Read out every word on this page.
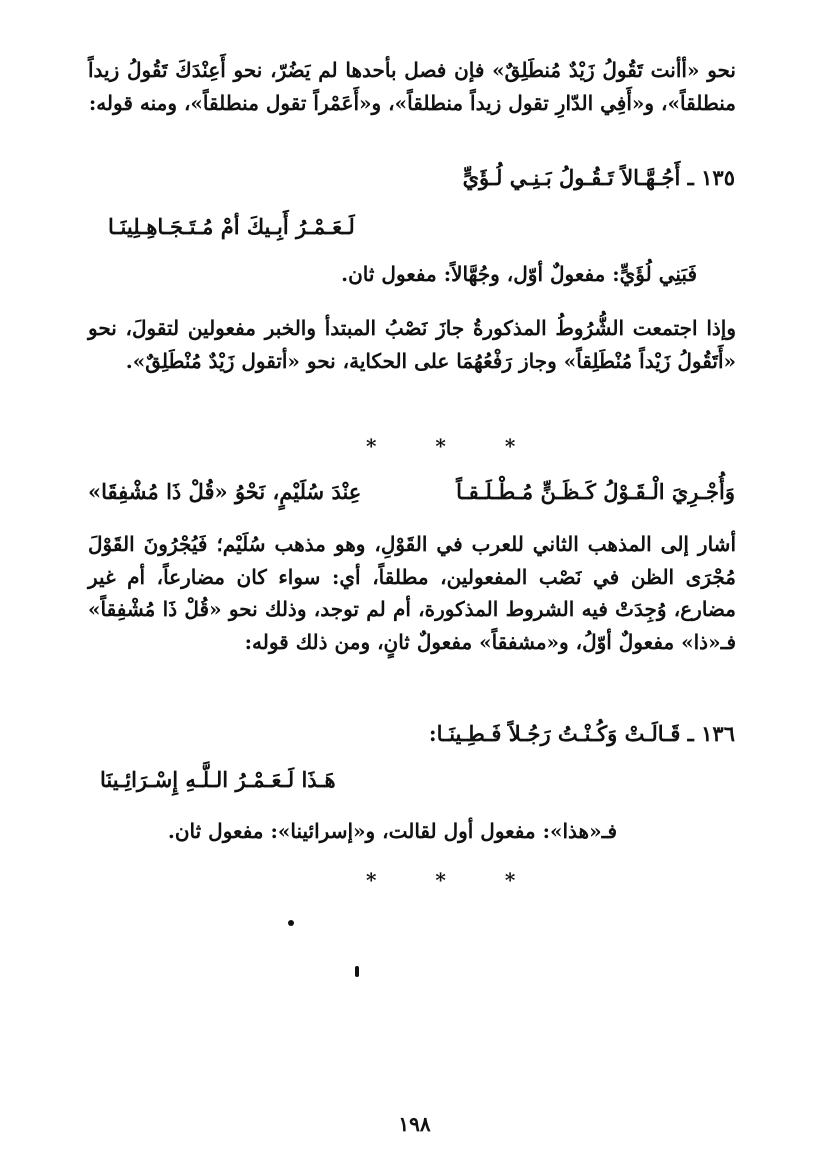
نحو «أأنت تَقُولُ زَيْدٌ مُنطَلِقٌ» فإن فصل بأحدها لم يَضُرّ، نحو أَعِنْدَكَ تَقُولُ زيداً منطلقاً»، و«أَفِي الدّارِ تقول زيداً منطلقاً»، و«أَعَمْراً تقول منطلقاً»، ومنه قوله:
١٣٥ ـ أَجُـهَّـالاً تَـقُـولُ بَـنِـي لُـؤَيٍّ
لَـعَـمْـرُ أَبِـيكَ أمْ مُـتَـجَـاهِـلِينَـا
فَبَنِي لُؤَيٍّ: مفعولٌ أوّل، وجُهَّالاً: مفعول ثان.
وإذا اجتمعت الشُّرُوطُ المذكورةُ جازَ نَصْبُ المبتدأ والخبر مفعولين لتقولَ، نحو «أَتَقُولُ زَيْداً مُنْطَلِقاً» وجاز رَفْعُهُمَا على الحكاية، نحو «أتقول زَيْدٌ مُنْطَلِقٌ».
* * *
وَأُجْـرِيَ الْـقَـوْلُ كَـظَـنٍّ مُـطْـلَـقـاً
عِنْدَ سُلَيْمٍ، نَحْوُ «قُلْ ذَا مُشْفِقَا»
أشار إلى المذهب الثاني للعرب في القَوْلِ، وهو مذهب سُلَيْم؛ فَيُجْرُونَ القَوْلَ مُجْرَى الظن في نَصْب المفعولين، مطلقاً، أي: سواء كان مضارعاً، أم غير مضارع، وُجِدَتْ فيه الشروط المذكورة، أم لم توجد، وذلك نحو «قُلْ ذَا مُشْفِقاً» فـ«ذا» مفعولٌ أوّلُ، و«مشفقاً» مفعولٌ ثانٍ، ومن ذلك قوله:
١٣٦ ـ قَـالَـتْ وَكُـنْـتُ رَجُـلاً فَـطِـينَـا:
هَـذَا لَـعَـمْـرُ الـلَّـهِ إِسْـرَائِـينَا
فـ«هذا»: مفعول أول لقالت، و«إسرائينا»: مفعول ثان.
* * *
١٩٨
